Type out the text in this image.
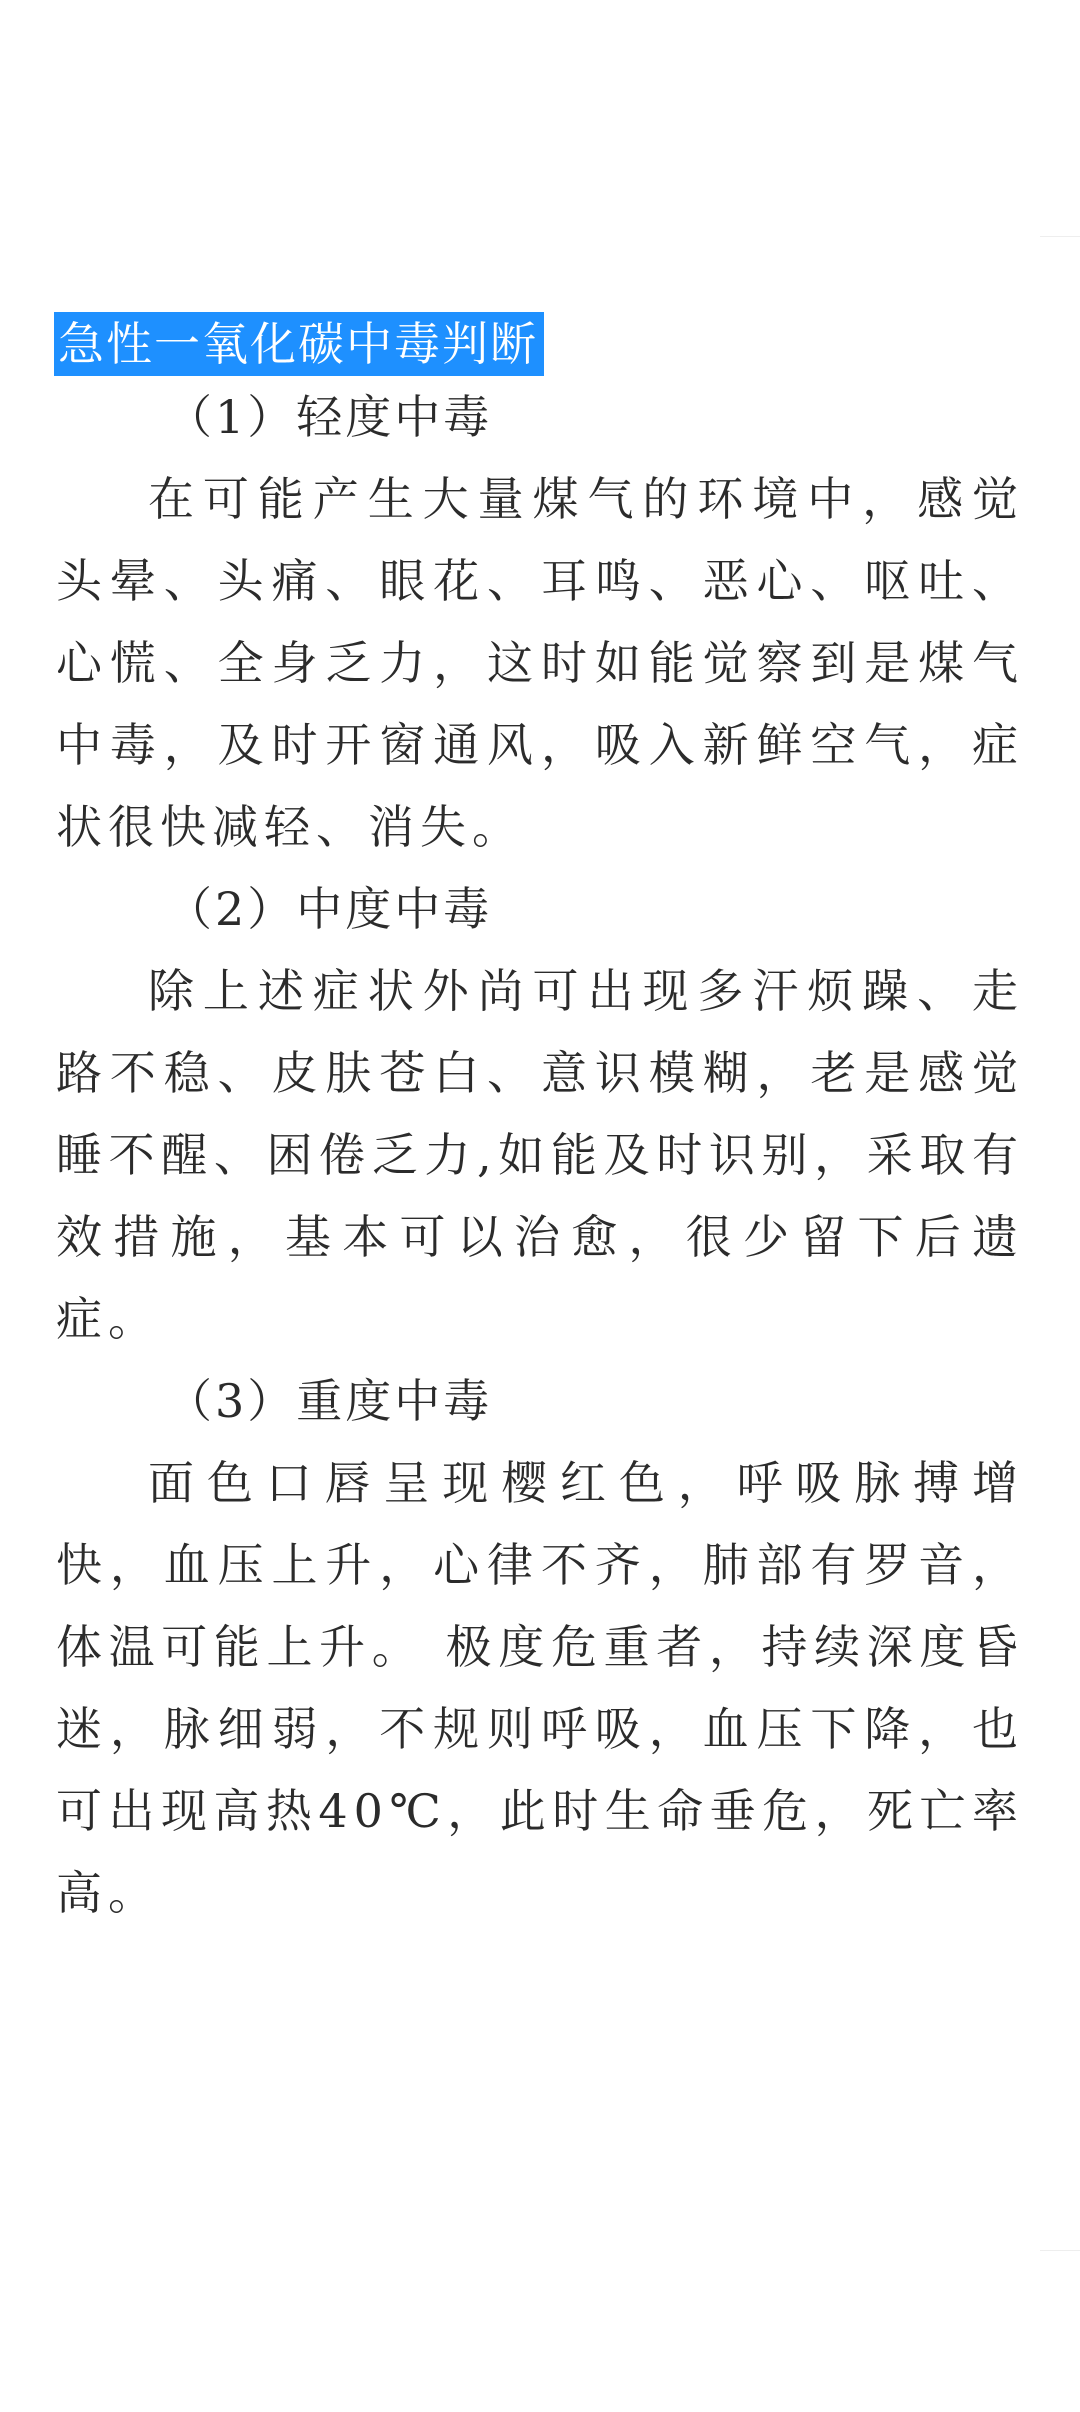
急性一氧化碳中毒判断
（1）轻度中毒

在可能产生大量煤气的环境中，感觉头晕、头痛、眼花、耳鸣、恶心、呕吐、心慌、全身乏力，这时如能觉察到是煤气中毒，及时开窗通风，吸入新鲜空气，症状很快减轻、消失。

（2）中度中毒

除上述症状外尚可出现多汗烦躁、走路不稳、皮肤苍白、意识模糊，老是感觉睡不醒、困倦乏力,如能及时识别，采取有效措施，基本可以治愈，很少留下后遗症。

（3）重度中毒

面色口唇呈现樱红色，呼吸脉搏增快，血压上升，心律不齐，肺部有罗音，体温可能上升。 极度危重者，持续深度昏迷，脉细弱，不规则呼吸，血压下降，也可出现高热40℃，此时生命垂危，死亡率高。
